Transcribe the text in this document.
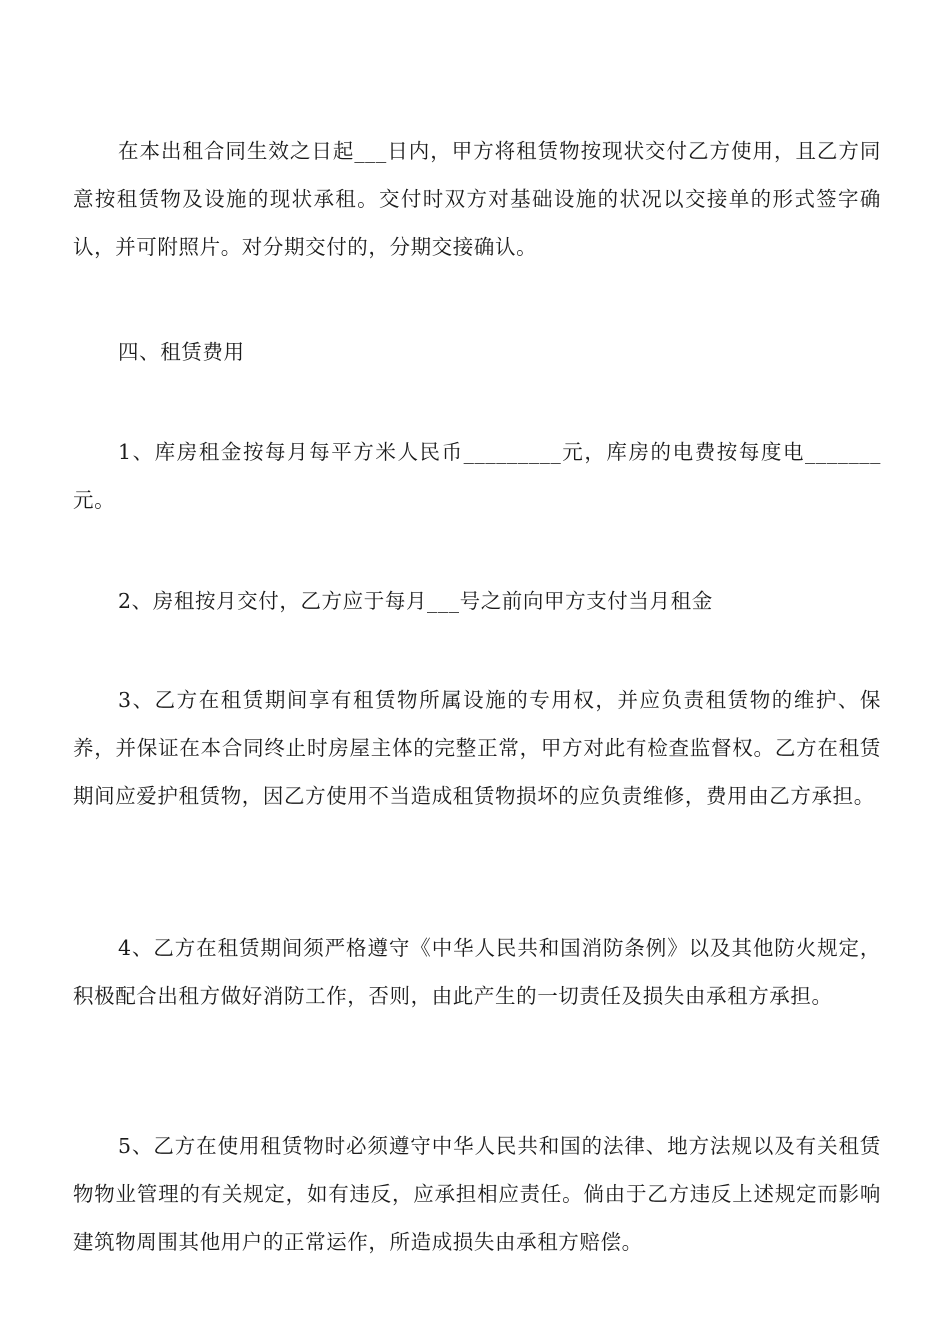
在本出租合同生效之日起___日内，甲方将租赁物按现状交付乙方使用，且乙方同意按租赁物及设施的现状承租。交付时双方对基础设施的状况以交接单的形式签字确认，并可附照片。对分期交付的，分期交接确认。

四、租赁费用

1、库房租金按每月每平方米人民币_________元，库房的电费按每度电_______元。

2、房租按月交付，乙方应于每月___号之前向甲方支付当月租金

3、乙方在租赁期间享有租赁物所属设施的专用权，并应负责租赁物的维护、保养，并保证在本合同终止时房屋主体的完整正常，甲方对此有检查监督权。乙方在租赁期间应爱护租赁物，因乙方使用不当造成租赁物损坏的应负责维修，费用由乙方承担。

4、乙方在租赁期间须严格遵守《中华人民共和国消防条例》以及其他防火规定，积极配合出租方做好消防工作，否则，由此产生的一切责任及损失由承租方承担。

5、乙方在使用租赁物时必须遵守中华人民共和国的法律、地方法规以及有关租赁物物业管理的有关规定，如有违反，应承担相应责任。倘由于乙方违反上述规定而影响建筑物周围其他用户的正常运作，所造成损失由承租方赔偿。
